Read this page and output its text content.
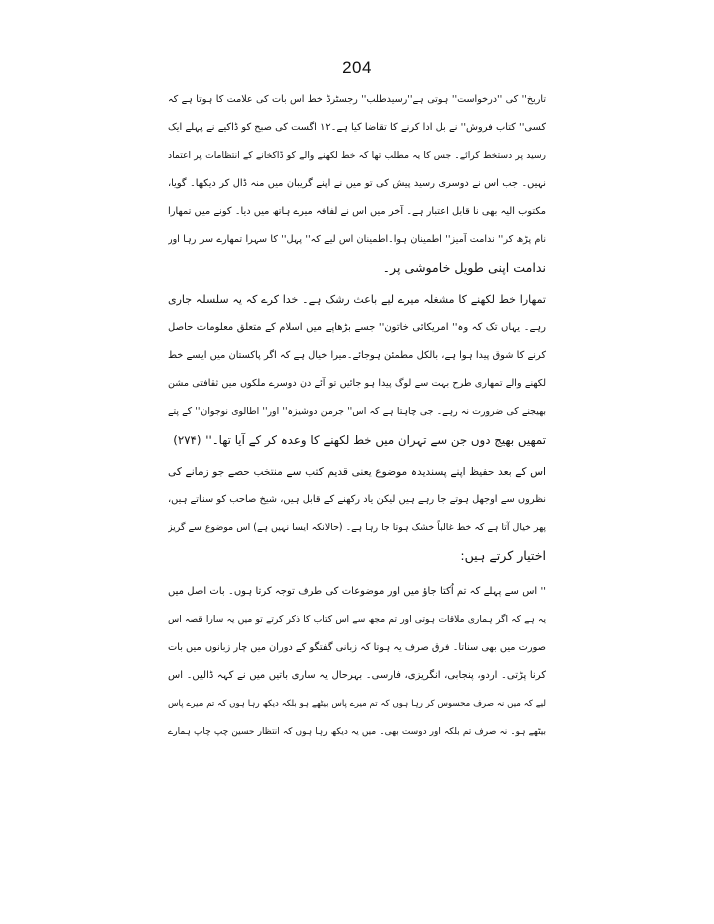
204
تاریخ'' کی ''درخواست'' ہوتی ہے''رسیدطلب'' رجسٹرڈ خط اس بات کی علامت کا ہوتا ہے کہ
کسی'' کتاب فروش'' نے بل ادا کرنے کا تقاضا کیا ہے۔۱۲ اگست کی صبح کو ڈاکیے نے پہلے ایک
رسید پر دستخط کرائے۔ جس کا یہ مطلب تھا کہ خط لکھنے والے کو ڈاکخانے کے انتظامات پر اعتماد
نہیں۔ جب اس نے دوسری رسید پیش کی تو میں نے اپنے گریبان میں منہ ڈال کر دیکھا۔ گویا،
مکتوب الیہ بھی نا قابل اعتبار ہے۔ آخر میں اس نے لفافہ میرے ہاتھ میں دیا۔ کونے میں تمھارا
نام پڑھ کر'' ندامت آمیز'' اطمینان ہوا۔اطمینان اس لیے کہ'' پہل'' کا سہرا تمھارے سر رہا اور
ندامت اپنی طویل خاموشی پر۔
تمھارا خط لکھنے کا مشغلہ میرے لیے باعث رشک ہے۔ خدا کرے کہ یہ سلسلہ جاری
رہے۔ یہاں تک کہ وہ'' امریکائی خاتون'' جسے بڑھاپے میں اسلام کے متعلق معلومات حاصل
کرنے کا شوق پیدا ہوا ہے، بالکل مطمئن ہوجائے۔میرا خیال ہے کہ اگر پاکستان میں ایسے خط
لکھنے والے تمھاری طرح بہت سے لوگ پیدا ہو جائیں تو آئے دن دوسرے ملکوں میں ثقافتی مشن
بھیجنے کی ضرورت نہ رہے۔ جی چاہتا ہے کہ اس'' جرمن دوشیزہ'' اور'' اطالوی نوجوان'' کے پتے
تمھیں بھیج دوں جن سے تہران میں خط لکھنے کا وعدہ کر کے آیا تھا۔'' (۲۷۴)
اس کے بعد حفیظ اپنے پسندیدہ موضوع یعنی قدیم کتب سے منتخب حصے جو زمانے کی
نظروں سے اوجھل ہوتے جا رہے ہیں لیکن یاد رکھنے کے قابل ہیں، شیخ صاحب کو سناتے ہیں،
پھر خیال آتا ہے کہ خط غالباً خشک ہوتا جا رہا ہے۔ (حالانکہ ایسا نہیں ہے) اس موضوع سے گریز
اختیار کرتے ہیں:
'' اس سے پہلے کہ تم اُکتا جاؤ میں اور موضوعات کی طرف توجہ کرتا ہوں۔ بات اصل میں
یہ ہے کہ اگر ہماری ملاقات ہوتی اور تم مجھ سے اس کتاب کا ذکر کرتے تو میں یہ سارا قصہ اس
صورت میں بھی سناتا۔ فرق صرف یہ ہوتا کہ زبانی گفتگو کے دوران میں چار زبانوں میں بات
کرنا پڑتی۔ اردو، پنجابی، انگریزی، فارسی۔ بہرحال یہ ساری باتیں میں نے کہہ ڈالیں۔ اس
لیے کہ میں نہ صرف محسوس کر رہا ہوں کہ تم میرے پاس بیٹھے ہو بلکہ دیکھ رہا ہوں کہ تم میرے پاس
بیٹھے ہو۔ نہ صرف تم بلکہ اور دوست بھی۔ میں یہ دیکھ رہا ہوں کہ انتظار حسین چپ چاپ ہمارے
